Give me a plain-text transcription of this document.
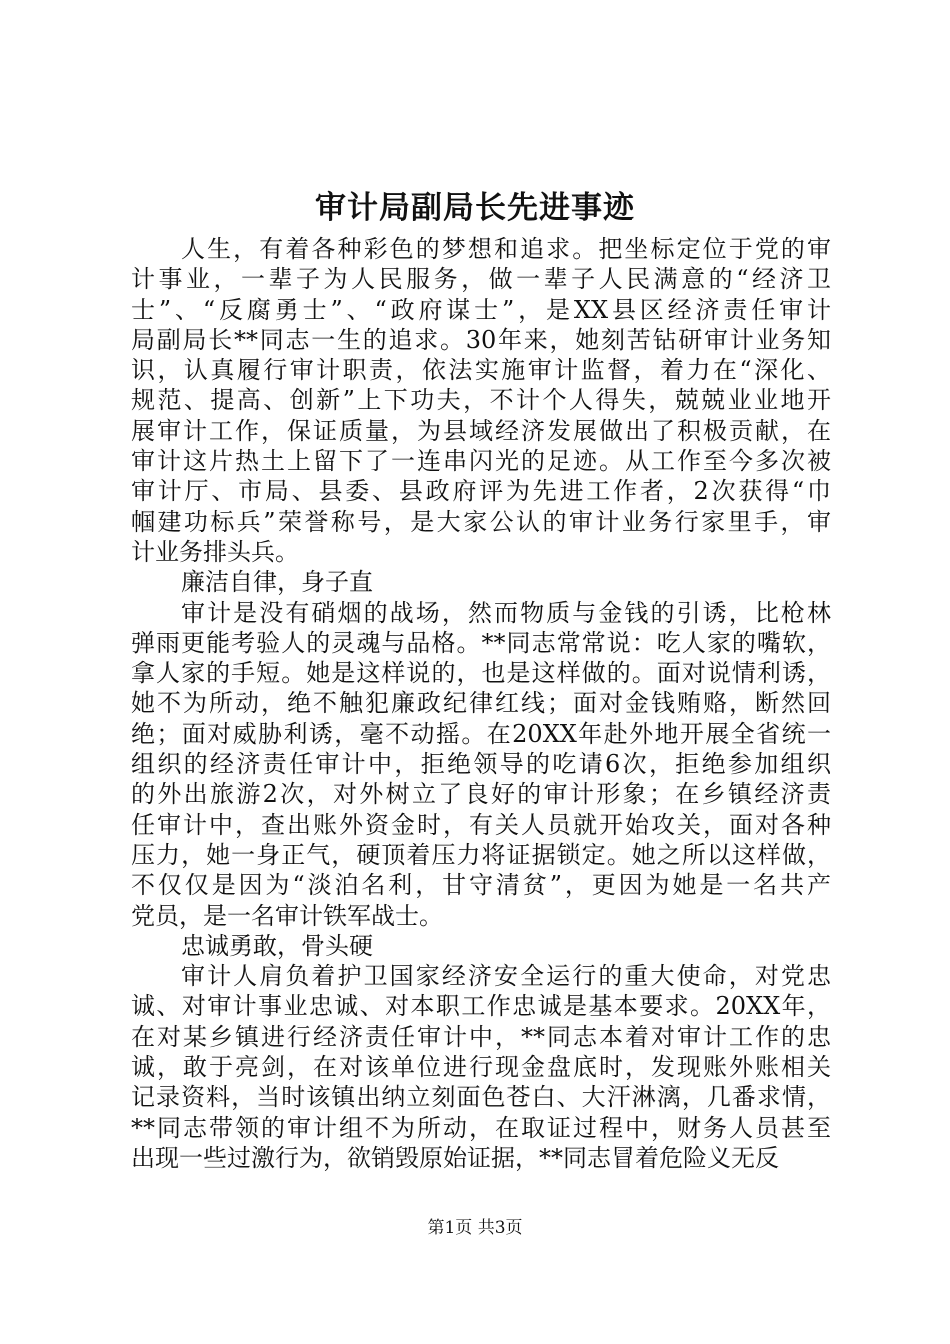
审计局副局长先进事迹
人生，有着各种彩色的梦想和追求。把坐标定位于党的审
计事业，一辈子为人民服务，做一辈子人民满意的“经济卫
士”、“反腐勇士”、“政府谋士”，是XX县区经济责任审计
局副局长**同志一生的追求。30年来，她刻苦钻研审计业务知
识，认真履行审计职责，依法实施审计监督，着力在“深化、
规范、提高、创新”上下功夫，不计个人得失，兢兢业业地开
展审计工作，保证质量，为县域经济发展做出了积极贡献，在
审计这片热土上留下了一连串闪光的足迹。从工作至今多次被
审计厅、市局、县委、县政府评为先进工作者，2次获得“巾
帼建功标兵”荣誉称号，是大家公认的审计业务行家里手，审
计业务排头兵。
廉洁自律，身子直
审计是没有硝烟的战场，然而物质与金钱的引诱，比枪林
弹雨更能考验人的灵魂与品格。**同志常常说：吃人家的嘴软，
拿人家的手短。她是这样说的，也是这样做的。面对说情利诱，
她不为所动，绝不触犯廉政纪律红线；面对金钱贿赂，断然回
绝；面对威胁利诱，毫不动摇。在20XX年赴外地开展全省统一
组织的经济责任审计中，拒绝领导的吃请6次，拒绝参加组织
的外出旅游2次，对外树立了良好的审计形象；在乡镇经济责
任审计中，查出账外资金时，有关人员就开始攻关，面对各种
压力，她一身正气，硬顶着压力将证据锁定。她之所以这样做，
不仅仅是因为“淡泊名利，甘守清贫”，更因为她是一名共产
党员，是一名审计铁军战士。
忠诚勇敢，骨头硬
审计人肩负着护卫国家经济安全运行的重大使命，对党忠
诚、对审计事业忠诚、对本职工作忠诚是基本要求。20XX年，
在对某乡镇进行经济责任审计中，**同志本着对审计工作的忠
诚，敢于亮剑，在对该单位进行现金盘底时，发现账外账相关
记录资料，当时该镇出纳立刻面色苍白、大汗淋漓，几番求情，
**同志带领的审计组不为所动，在取证过程中，财务人员甚至
出现一些过激行为，欲销毁原始证据，**同志冒着危险义无反
第1页 共3页
